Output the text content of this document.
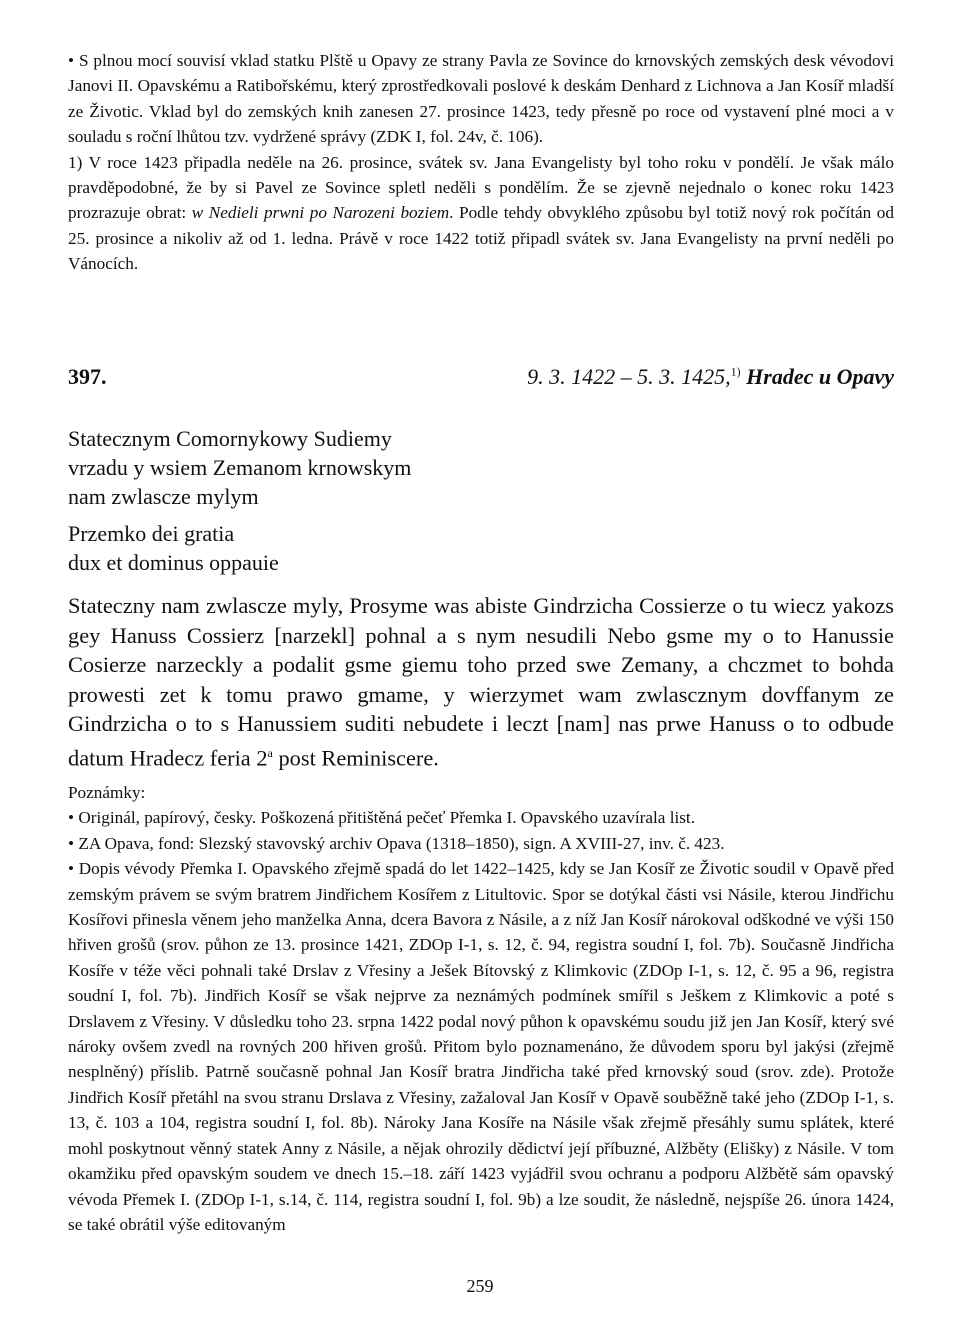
• S plnou mocí souvisí vklad statku Plště u Opavy ze strany Pavla ze Sovince do krnovských zemských desk vévodovi Janovi II. Opavskému a Ratibořskému, který zprostředkovali poslové k deskám Denhard z Lichnova a Jan Kosíř mladší ze Životic. Vklad byl do zemských knih zanesen 27. prosince 1423, tedy přesně po roce od vystavení plné moci a v souladu s roční lhůtou tzv. vydržené správy (ZDK I, fol. 24v, č. 106).

1) V roce 1423 připadla neděle na 26. prosince, svátek sv. Jana Evangelisty byl toho roku v pondělí. Je však málo pravděpodobné, že by si Pavel ze Sovince spletl neděli s pondělím. Že se zjevně nejednalo o konec roku 1423 prozrazuje obrat: w Nedieli prwni po Narozeni boziem. Podle tehdy obvyklého způsobu byl totiž nový rok počítán od 25. prosince a nikoliv až od 1. ledna. Právě v roce 1422 totiž připadl svátek sv. Jana Evangelisty na první neděli po Vánocích.

397.	9. 3. 1422 – 5. 3. 1425,$^{1)}$ Hradec u Opavy

Statecznym Comornykowy Sudiemy

vrzadu y wsiem Zemanom krnowskym

nam zwlascze mylym

Przemko dei gratia

dux et dominus oppauie

Stateczny nam zwlascze myly, Prosyme was abiste Gindrzicha Cossierze o tu wiecz yakozs gey Hanuss Cossierz [narzekl] pohnal a s nym nesudili Nebo gsme my o to Hanussie Cosierze narzeckly a podalit gsme giemu toho przed swe Zemany, a chczmet to bohda prowesti zet k tomu prawo gmame, y wierzymet wam zwlascznym dovffanym ze Gindrzicha o to s Hanussiem suditi nebudete i leczt [nam] nas prwe Hanuss o to odbude datum Hradecz feria 2$^a$ post Reminiscere.

Poznámky:

• Originál, papírový, česky. Poškozená přitištěná pečeť Přemka I. Opavského uzavírala list.

• ZA Opava, fond: Slezský stavovský archiv Opava (1318–1850), sign. A XVIII-27, inv. č. 423.

• Dopis vévody Přemka I. Opavského zřejmě spadá do let 1422–1425, kdy se Jan Kosíř ze Životic soudil v Opavě před zemským právem se svým bratrem Jindřichem Kosířem z Litultovic. Spor se dotýkal části vsi Násile, kterou Jindřichu Kosířovi přinesla věnem jeho manželka Anna, dcera Bavora z Násile, a z níž Jan Kosíř nárokoval odškodné ve výši 150 hřiven grošů (srov. půhon ze 13. prosince 1421, ZDOp I-1, s. 12, č. 94, registra soudní I, fol. 7b). Současně Jindřicha Kosíře v téže věci pohnali také Drslav z Vřesiny a Ješek Bítovský z Klimkovic (ZDOp I-1, s. 12, č. 95 a 96, registra soudní I, fol. 7b). Jindřich Kosíř se však nejprve za neznámých podmínek smířil s Ješkem z Klimkovic a poté s Drslavem z Vřesiny. V důsledku toho 23. srpna 1422 podal nový půhon k opavskému soudu již jen Jan Kosíř, který své nároky ovšem zvedl na rovných 200 hřiven grošů. Přitom bylo poznamenáno, že důvodem sporu byl jakýsi (zřejmě nesplněný) příslib. Patrně současně pohnal Jan Kosíř bratra Jindřicha také před krnovský soud (srov. zde). Protože Jindřich Kosíř přetáhl na svou stranu Drslava z Vřesiny, zažaloval Jan Kosíř v Opavě souběžně také jeho (ZDOp I-1, s. 13, č. 103 a 104, registra soudní I, fol. 8b). Nároky Jana Kosíře na Násile však zřejmě přesáhly sumu splátek, které mohl poskytnout věnný statek Anny z Násile, a nějak ohrozily dědictví její příbuzné, Alžběty (Elišky) z Násile. V tom okamžiku před opavským soudem ve dnech 15.–18. září 1423 vyjádřil svou ochranu a podporu Alžbětě sám opavský vévoda Přemek I. (ZDOp I-1, s.14, č. 114, registra soudní I, fol. 9b) a lze soudit, že následně, nejspíše 26. února 1424, se také obrátil výše editovaným

259
